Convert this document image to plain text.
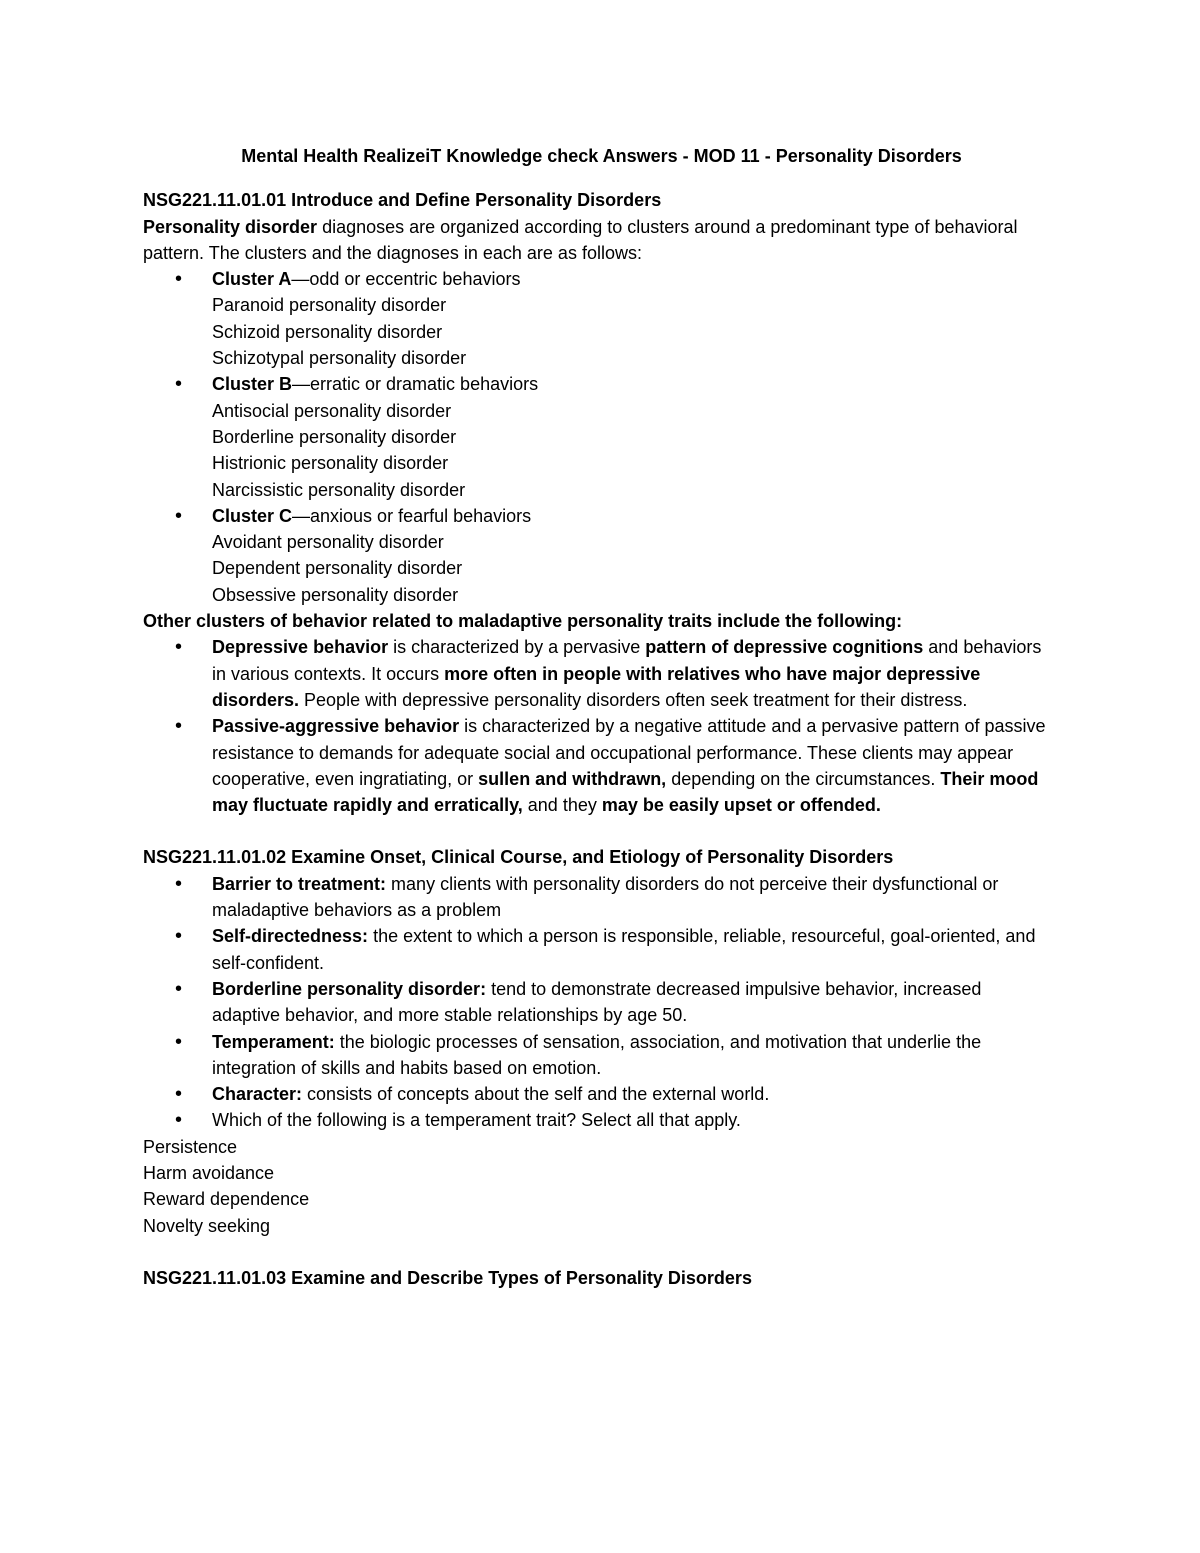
Mental Health RealizeiT Knowledge check Answers - MOD 11 - Personality Disorders

NSG221.11.01.01 Introduce and Define Personality Disorders

Personality disorder diagnoses are organized according to clusters around a predominant type of behavioral pattern. The clusters and the diagnoses in each are as follows:

• Cluster A—odd or eccentric behaviors
Paranoid personality disorder
Schizoid personality disorder
Schizotypal personality disorder
• Cluster B—erratic or dramatic behaviors
Antisocial personality disorder
Borderline personality disorder
Histrionic personality disorder
Narcissistic personality disorder
• Cluster C—anxious or fearful behaviors
Avoidant personality disorder
Dependent personality disorder
Obsessive personality disorder

Other clusters of behavior related to maladaptive personality traits include the following:

• Depressive behavior is characterized by a pervasive pattern of depressive cognitions and behaviors in various contexts. It occurs more often in people with relatives who have major depressive disorders. People with depressive personality disorders often seek treatment for their distress.
• Passive-aggressive behavior is characterized by a negative attitude and a pervasive pattern of passive resistance to demands for adequate social and occupational performance. These clients may appear cooperative, even ingratiating, or sullen and withdrawn, depending on the circumstances. Their mood may fluctuate rapidly and erratically, and they may be easily upset or offended.

NSG221.11.01.02 Examine Onset, Clinical Course, and Etiology of Personality Disorders

• Barrier to treatment: many clients with personality disorders do not perceive their dysfunctional or maladaptive behaviors as a problem
• Self-directedness: the extent to which a person is responsible, reliable, resourceful, goal-oriented, and self-confident.
• Borderline personality disorder: tend to demonstrate decreased impulsive behavior, increased adaptive behavior, and more stable relationships by age 50.
• Temperament: the biologic processes of sensation, association, and motivation that underlie the integration of skills and habits based on emotion.
• Character: consists of concepts about the self and the external world.
• Which of the following is a temperament trait? Select all that apply.

Persistence

Harm avoidance

Reward dependence

Novelty seeking

NSG221.11.01.03 Examine and Describe Types of Personality Disorders
